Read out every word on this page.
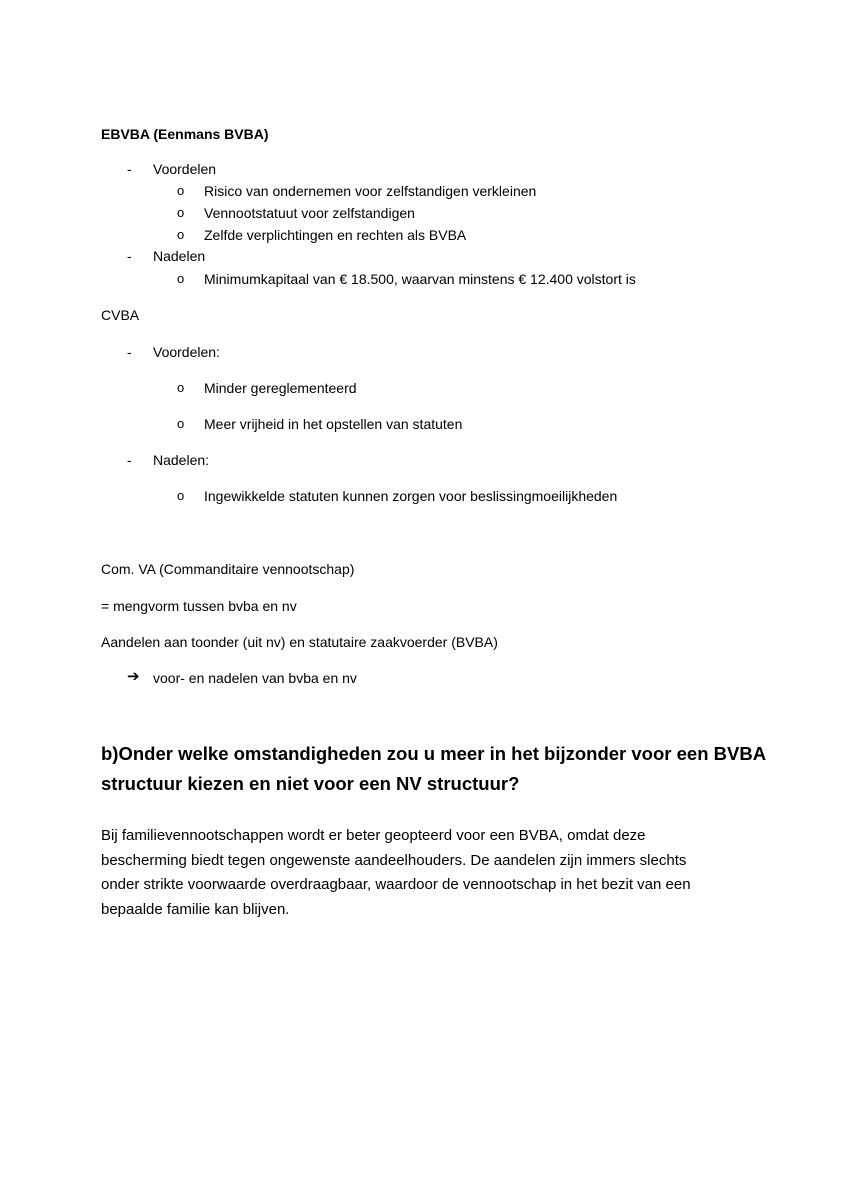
EBVBA (Eenmans BVBA)
- Voordelen
o Risico van ondernemen voor zelfstandigen verkleinen
o Vennootstatuut voor zelfstandigen
o Zelfde verplichtingen en rechten als BVBA
- Nadelen
o Minimumkapitaal van € 18.500, waarvan minstens € 12.400 volstort is
CVBA
- Voordelen:
o Minder gereglementeerd
o Meer vrijheid in het opstellen van statuten
- Nadelen:
o Ingewikkelde statuten kunnen zorgen voor beslissingmoeilijkheden
Com. VA (Commanditaire vennootschap)
= mengvorm tussen bvba en nv
Aandelen aan toonder (uit nv) en statutaire zaakvoerder (BVBA)
➔ voor- en nadelen van bvba en nv
b)Onder welke omstandigheden zou u meer in het bijzonder voor een BVBA
structuur kiezen en niet voor een NV structuur?
Bij familievennootschappen wordt er beter geopteerd voor een BVBA, omdat deze
bescherming biedt tegen ongewenste aandeelhouders. De aandelen zijn immers slechts
onder strikte voorwaarde overdraagbaar, waardoor de vennootschap in het bezit van een
bepaalde familie kan blijven.
